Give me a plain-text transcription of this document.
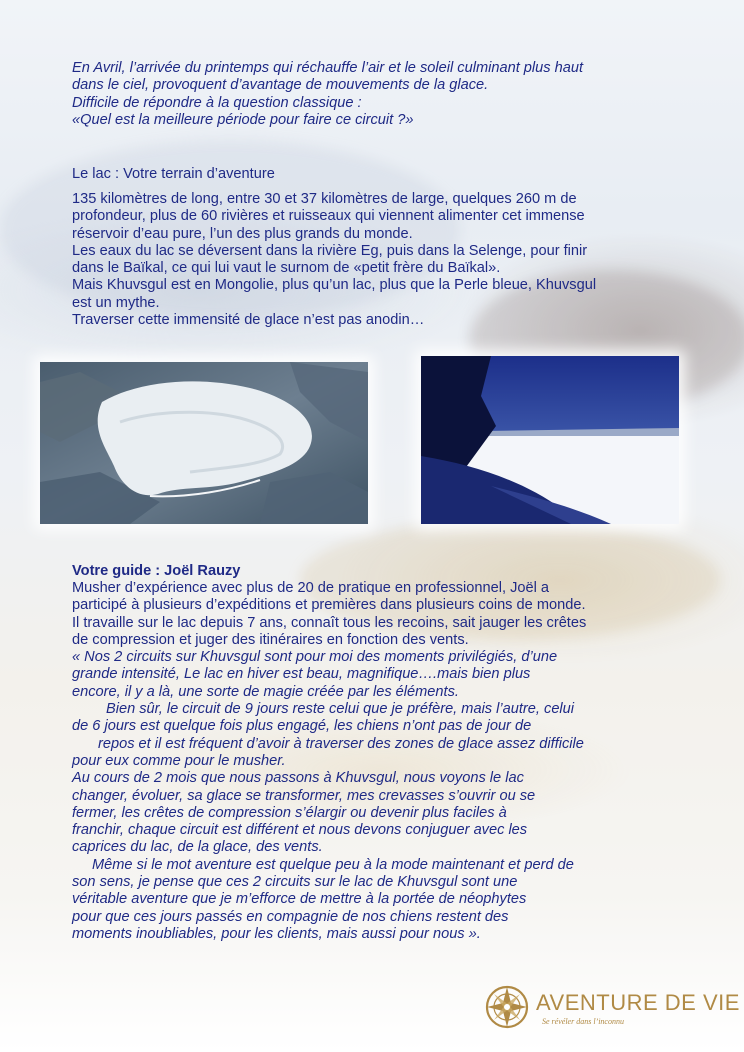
En Avril, l’arrivée du printemps qui réchauffe l’air et le soleil culminant plus haut

dans le ciel, provoquent d’avantage de mouvements de la glace.

Difficile de répondre à la question classique :

«Quel est la meilleure période pour faire ce circuit ?»

Le lac : Votre terrain d’aventure

135 kilomètres de long, entre 30 et 37 kilomètres de large, quelques 260 m de

profondeur, plus de 60 rivières et ruisseaux qui viennent alimenter cet immense

réservoir d’eau pure, l’un des plus grands du monde.

Les eaux du lac se déversent dans la rivière Eg, puis dans la Selenge, pour finir

dans le Baïkal, ce qui lui vaut le surnom de «petit frère du Baïkal».

Mais Khuvsgul est en Mongolie, plus qu’un lac, plus que la Perle bleue, Khuvsgul

est un mythe.

Traverser cette immensité de glace n’est pas anodin…

Votre guide : Joël Rauzy

Musher d’expérience avec plus de 20 de pratique en professionnel, Joël a

participé à plusieurs d’expéditions et premières dans plusieurs coins de monde.

Il travaille sur le lac depuis 7 ans, connaît tous les recoins, sait jauger les crêtes

de compression et juger des itinéraires en fonction des vents.

« Nos 2 circuits sur Khuvsgul sont pour moi des moments privilégiés, d’une

grande intensité, Le lac en hiver est beau, magnifique….mais bien plus

encore, il y a là, une sorte de magie créée par les éléments.

Bien sûr, le circuit de 9 jours reste celui que je préfère, mais l’autre, celui

de 6 jours est quelque fois plus engagé, les chiens n’ont pas de jour de

repos et il est fréquent d’avoir à traverser des zones de glace assez difficile

pour eux comme pour le musher.

Au cours de 2 mois que nous passons à Khuvsgul, nous voyons le lac

changer, évoluer, sa glace se transformer, mes crevasses s’ouvrir ou se

fermer, les crêtes de compression s’élargir ou devenir plus faciles à

franchir, chaque circuit est différent et nous devons conjuguer avec les

caprices du lac, de la glace, des vents.

Même si le mot aventure est quelque peu à la mode maintenant et perd de

son sens, je pense que ces 2 circuits sur le lac de Khuvsgul sont une

véritable aventure que je m’efforce de mettre à la portée de néophytes

pour que ces jours passés en compagnie de nos chiens restent des

moments inoubliables, pour les clients, mais aussi pour nous ».

AVENTURE DE VIE
Se révéler dans l’inconnu
